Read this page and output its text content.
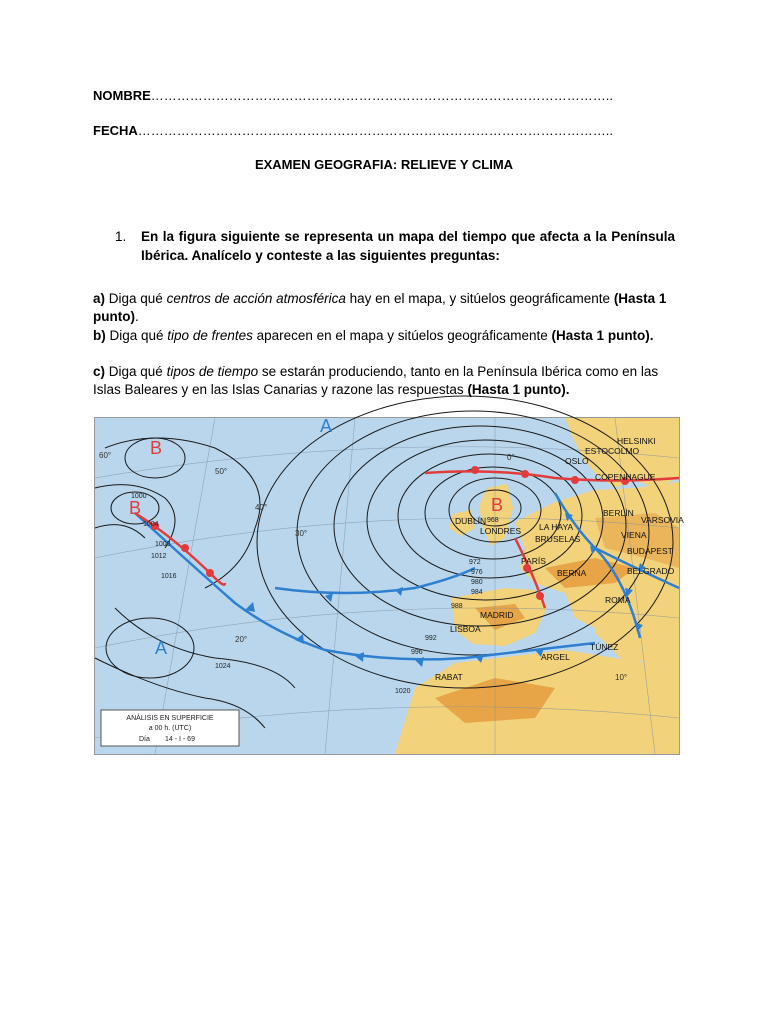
NOMBRE……………………………………………………………………………………………..
FECHA………………………………………………………………………………………………..
EXAMEN GEOGRAFIA: RELIEVE Y CLIMA
1. En la figura siguiente se representa un mapa del tiempo que afecta a la Península Ibérica. Analícelo y conteste a las siguientes preguntas:
a) Diga qué centros de acción atmosférica hay en el mapa, y sitúelos geográficamente (Hasta 1 punto).
b) Diga qué tipo de frentes aparecen en el mapa y sitúelos geográficamente (Hasta 1 punto).
c) Diga qué tipos de tiempo se estarán produciendo, tanto en la Península Ibérica como en las Islas Baleares y en las Islas Canarias y razone las respuestas (Hasta 1 punto).
B
B	B
A
A
DUBLÍN
LONDRES LA HAYA
BRUSELAS
PARÍS
BERNA
BERLÍN
VARSOVIA
VIENA
BUDAPEST
BELGRADO
ROMA
MADRID
LISBOA
ARGEL
TÚNEZ
RABAT
OSLO
COPENHAGUE
HELSINKI
ESTOCOLMO
1000
1004
1008
1012
1016
1020
1024
968
972
976
980
984
988
992
996
60°
50°
40°
30°
20°
10°
0°
ANÁLISIS EN SUPERFICIE
a 00 h. (UTC)
Día 14 - I - 69
